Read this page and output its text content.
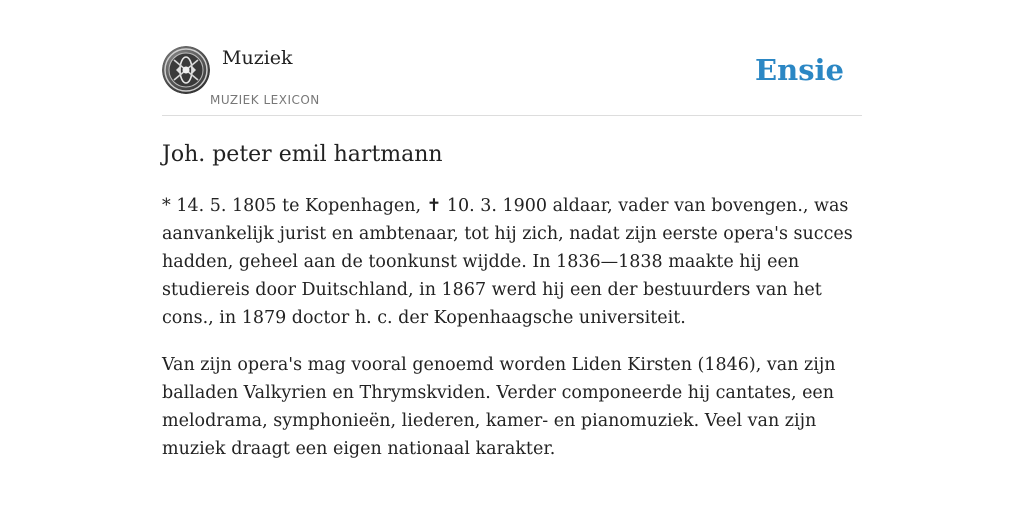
Muziek
MUZIEK LEXICON
Ensie
Joh. peter emil hartmann

* 14. 5. 1805 te Kopenhagen, ✝ 10. 3. 1900 aldaar, vader van bovengen., was aanvankelijk jurist en ambtenaar, tot hij zich, nadat zijn eerste opera's succes hadden, geheel aan de toonkunst wijdde. In 1836—1838 maakte hij een studiereis door Duitschland, in 1867 werd hij een der bestuurders van het cons., in 1879 doctor h. c. der Kopenhaagsche universiteit.

Van zijn opera's mag vooral genoemd worden Liden Kirsten (1846), van zijn balladen Valkyrien en Thrymskviden. Verder componeerde hij cantates, een melodrama, symphonieën, liederen, kamer- en pianomuziek. Veel van zijn muziek draagt een eigen nationaal karakter.
